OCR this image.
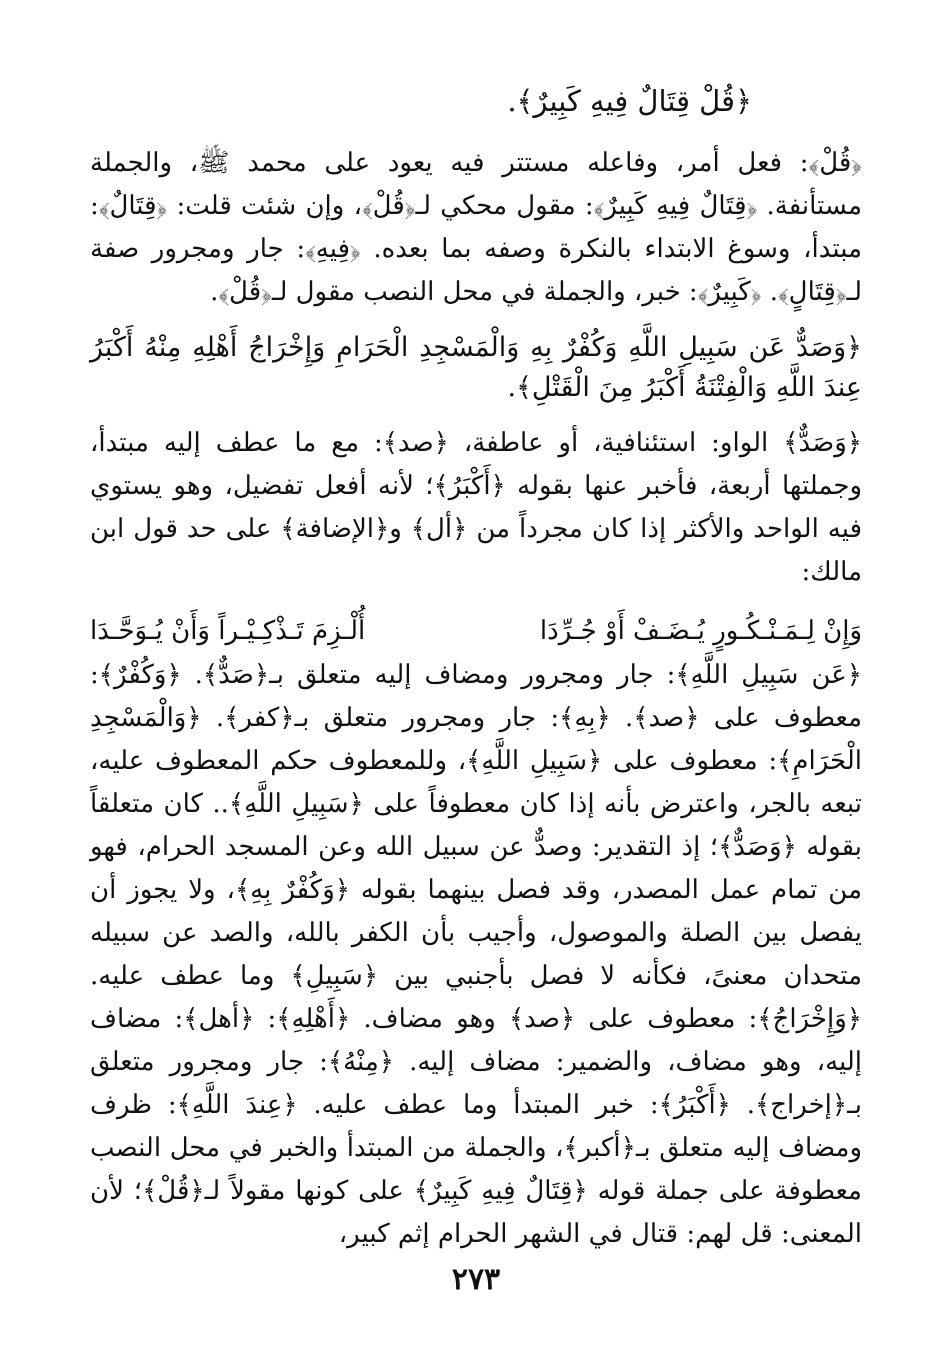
﴿قُلْ قِتَالٌ فِيهِ كَبِيرٌ﴾.

﴿قُلْ﴾: فعل أمر، وفاعله مستتر فيه يعود على محمد ﷺ، والجملة مستأنفة. ﴿قِتَالٌ فِيهِ كَبِيرٌ﴾: مقول محكي لـ﴿قُلْ﴾، وإن شئت قلت: ﴿قِتَالٌ﴾: مبتدأ، وسوغ الابتداء بالنكرة وصفه بما بعده. ﴿فِيهِ﴾: جار ومجرور صفة لـ﴿قِتَالٍ﴾. ﴿كَبِيرٌ﴾: خبر، والجملة في محل النصب مقول لـ﴿قُلْ﴾.

﴿وَصَدٌّ عَن سَبِيلِ اللَّهِ وَكُفْرٌ بِهِ وَالْمَسْجِدِ الْحَرَامِ وَإِخْرَاجُ أَهْلِهِ مِنْهُ أَكْبَرُ عِندَ اللَّهِ وَالْفِتْنَةُ أَكْبَرُ مِنَ الْقَتْلِ﴾.

﴿وَصَدٌّ﴾ الواو: استئنافية، أو عاطفة، ﴿صد﴾: مع ما عطف إليه مبتدأ، وجملتها أربعة، فأخبر عنها بقوله ﴿أَكْبَرُ﴾؛ لأنه أفعل تفضيل، وهو يستوي فيه الواحد والأكثر إذا كان مجرداً من ﴿أل﴾ و﴿الإضافة﴾ على حد قول ابن مالك:

وَإِنْ لِـمَـنْـكُـورٍ يُـضَـفْ أَوْ جُـرِّدَا
أُلْـزِمَ تَـذْكِـيْـراً وَأَنْ يُـوَحَّـدَا

﴿عَن سَبِيلِ اللَّهِ﴾: جار ومجرور ومضاف إليه متعلق بـ﴿صَدٌّ﴾. ﴿وَكُفْرٌ﴾: معطوف على ﴿صد﴾. ﴿بِهِ﴾: جار ومجرور متعلق بـ﴿كفر﴾. ﴿وَالْمَسْجِدِ الْحَرَامِ﴾: معطوف على ﴿سَبِيلِ اللَّهِ﴾، وللمعطوف حكم المعطوف عليه، تبعه بالجر، واعترض بأنه إذا كان معطوفاً على ﴿سَبِيلِ اللَّهِ﴾.. كان متعلقاً بقوله ﴿وَصَدٌّ﴾؛ إذ التقدير: وصدٌّ عن سبيل الله وعن المسجد الحرام، فهو من تمام عمل المصدر، وقد فصل بينهما بقوله ﴿وَكُفْرٌ بِهِ﴾، ولا يجوز أن يفصل بين الصلة والموصول، وأجيب بأن الكفر بالله، والصد عن سبيله متحدان معنىً، فكأنه لا فصل بأجنبي بين ﴿سَبِيلِ﴾ وما عطف عليه. ﴿وَإِخْرَاجُ﴾: معطوف على ﴿صد﴾ وهو مضاف. ﴿أَهْلِهِ﴾: ﴿أهل﴾: مضاف إليه، وهو مضاف، والضمير: مضاف إليه. ﴿مِنْهُ﴾: جار ومجرور متعلق بـ﴿إخراج﴾. ﴿أَكْبَرُ﴾: خبر المبتدأ وما عطف عليه. ﴿عِندَ اللَّهِ﴾: ظرف ومضاف إليه متعلق بـ﴿أكبر﴾، والجملة من المبتدأ والخبر في محل النصب معطوفة على جملة قوله ﴿قِتَالٌ فِيهِ كَبِيرٌ﴾ على كونها مقولاً لـ﴿قُلْ﴾؛ لأن المعنى: قل لهم: قتال في الشهر الحرام إثم كبير،

٢٧٣
